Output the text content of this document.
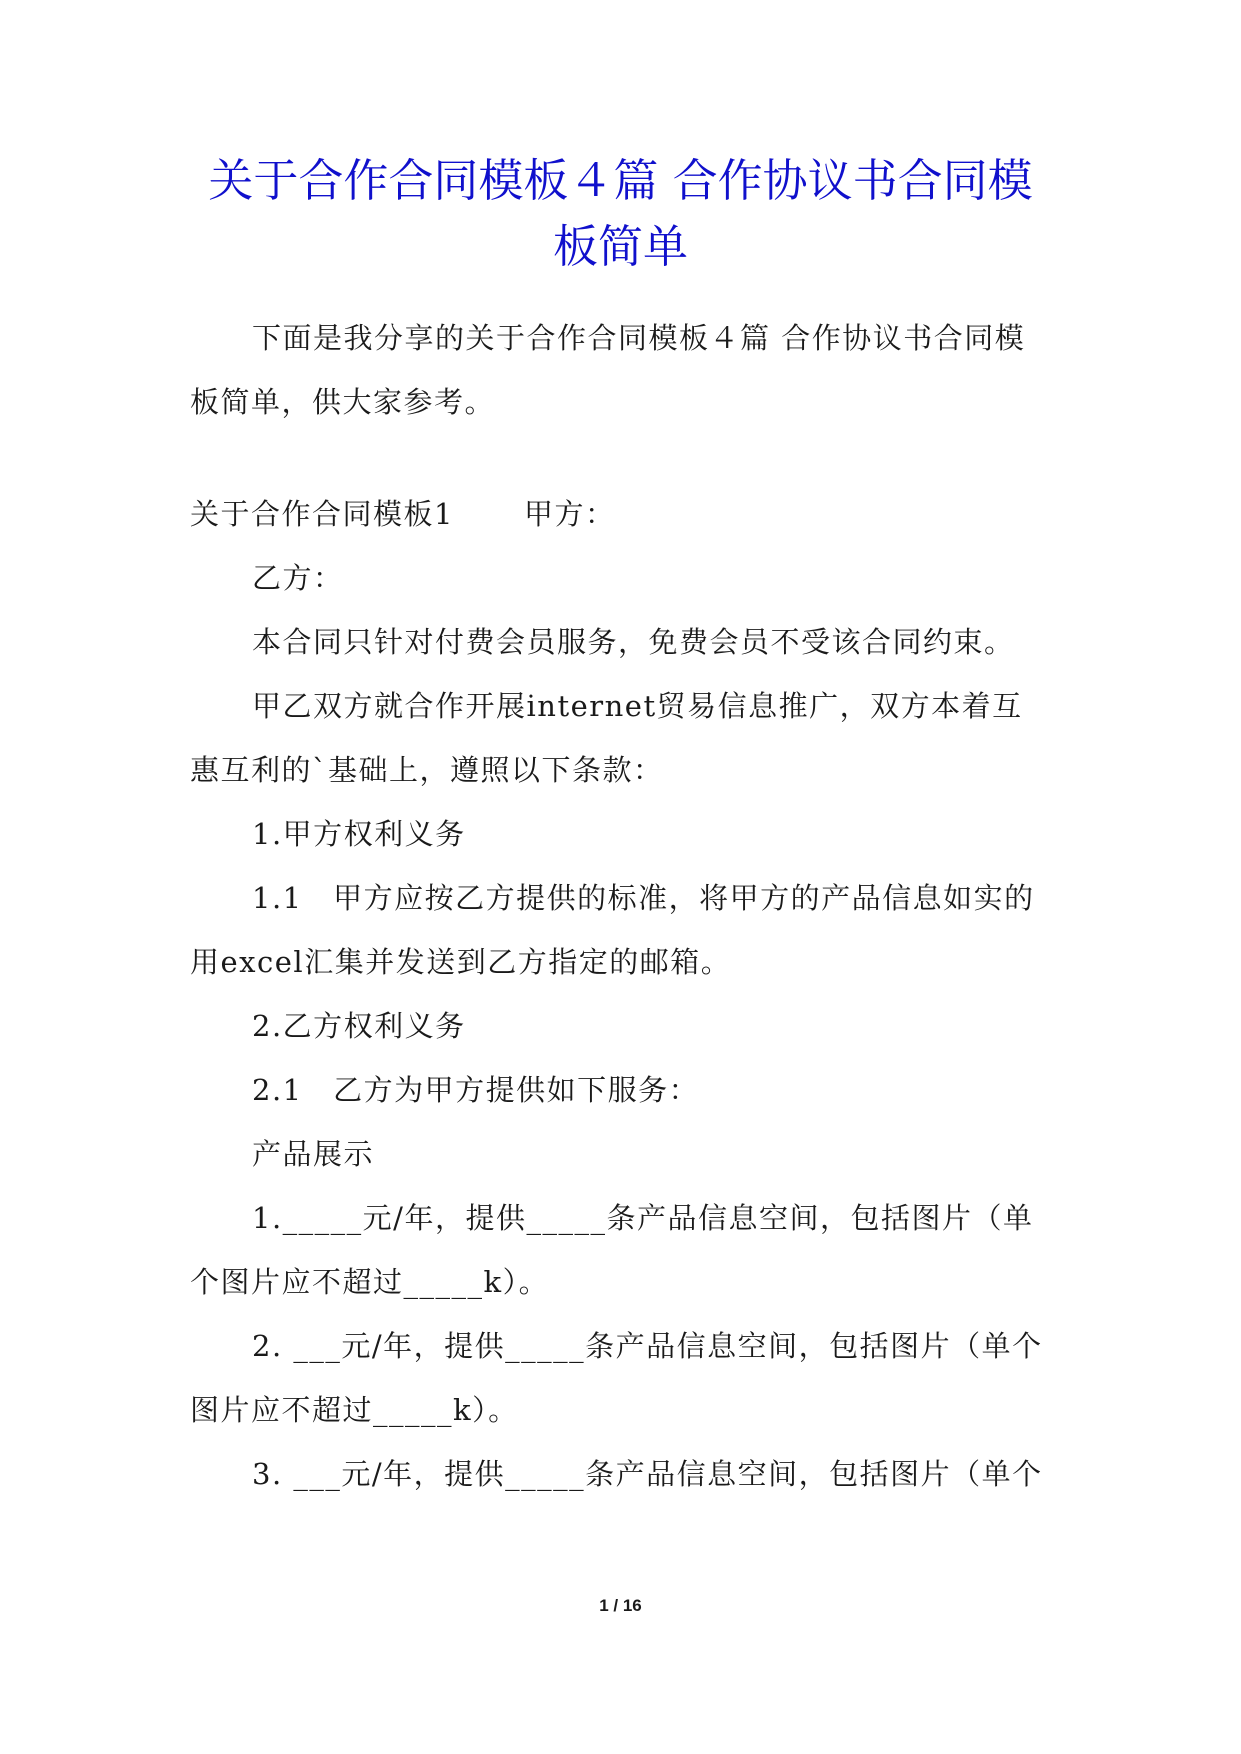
关于合作合同模板４篇 合作协议书合同模
板简单

下面是我分享的关于合作合同模板４篇 合作协议书合同模
板简单，供大家参考。

关于合作合同模板1 甲方：

乙方：

本合同只针对付费会员服务，免费会员不受该合同约束。

甲乙双方就合作开展internet贸易信息推广，双方本着互
惠互利的`基础上，遵照以下条款：

1.甲方权利义务

1.1　甲方应按乙方提供的标准，将甲方的产品信息如实的
用excel汇集并发送到乙方指定的邮箱。

2.乙方权利义务

2.1　乙方为甲方提供如下服务：

产品展示

1._____元/年，提供_____条产品信息空间，包括图片（单
个图片应不超过_____k）。

2. ___元/年，提供_____条产品信息空间，包括图片（单个
图片应不超过_____k）。

3. ___元/年，提供_____条产品信息空间，包括图片（单个

1 / 16
